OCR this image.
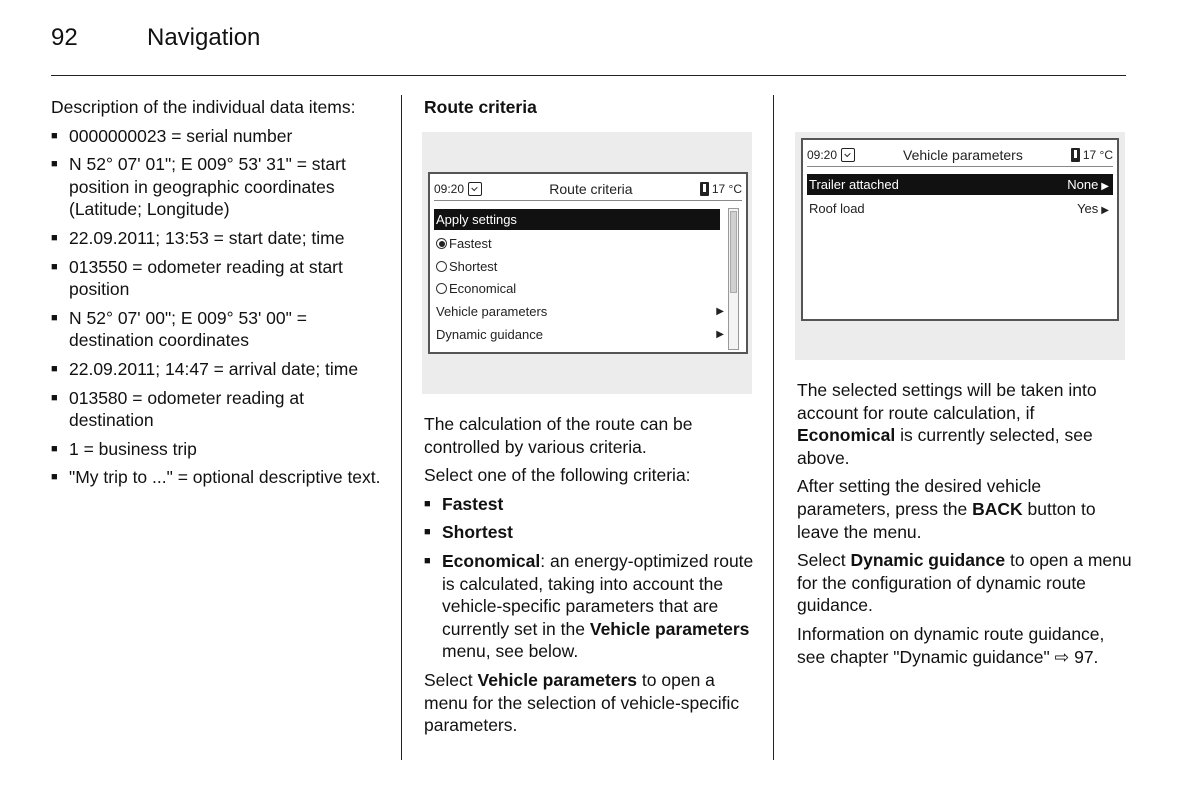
92	Navigation

Description of the individual data items:

■ 0000000023 = serial number
■ N 52° 07' 01"; E 009° 53' 31" = start position in geographic coordinates (Latitude; Longitude)
■ 22.09.2011; 13:53 = start date; time
■ 013550 = odometer reading at start position
■ N 52° 07' 00"; E 009° 53' 00" = destination coordinates
■ 22.09.2011; 14:47 = arrival date; time
■ 013580 = odometer reading at destination
■ 1 = business trip
■ "My trip to ..." = optional descriptive text.
Route criteria
09:20	Route criteria	17 °C
Apply settings
Fastest
Shortest
Economical
Vehicle parameters	▶
Dynamic guidance	▶

The calculation of the route can be controlled by various criteria.

Select one of the following criteria:

■ Fastest
■ Shortest
■ Economical: an energy-optimized route is calculated, taking into account the vehicle-specific parameters that are currently set in the Vehicle parameters menu, see below.

Select Vehicle parameters to open a menu for the selection of vehicle-specific parameters.

09:20	Vehicle parameters	17 °C
Trailer attached	None ▶
Roof load	Yes ▶

The selected settings will be taken into account for route calculation, if Economical is currently selected, see above.

After setting the desired vehicle parameters, press the BACK button to leave the menu.

Select Dynamic guidance to open a menu for the configuration of dynamic route guidance.

Information on dynamic route guidance, see chapter "Dynamic guidance" ⇨ 97.
